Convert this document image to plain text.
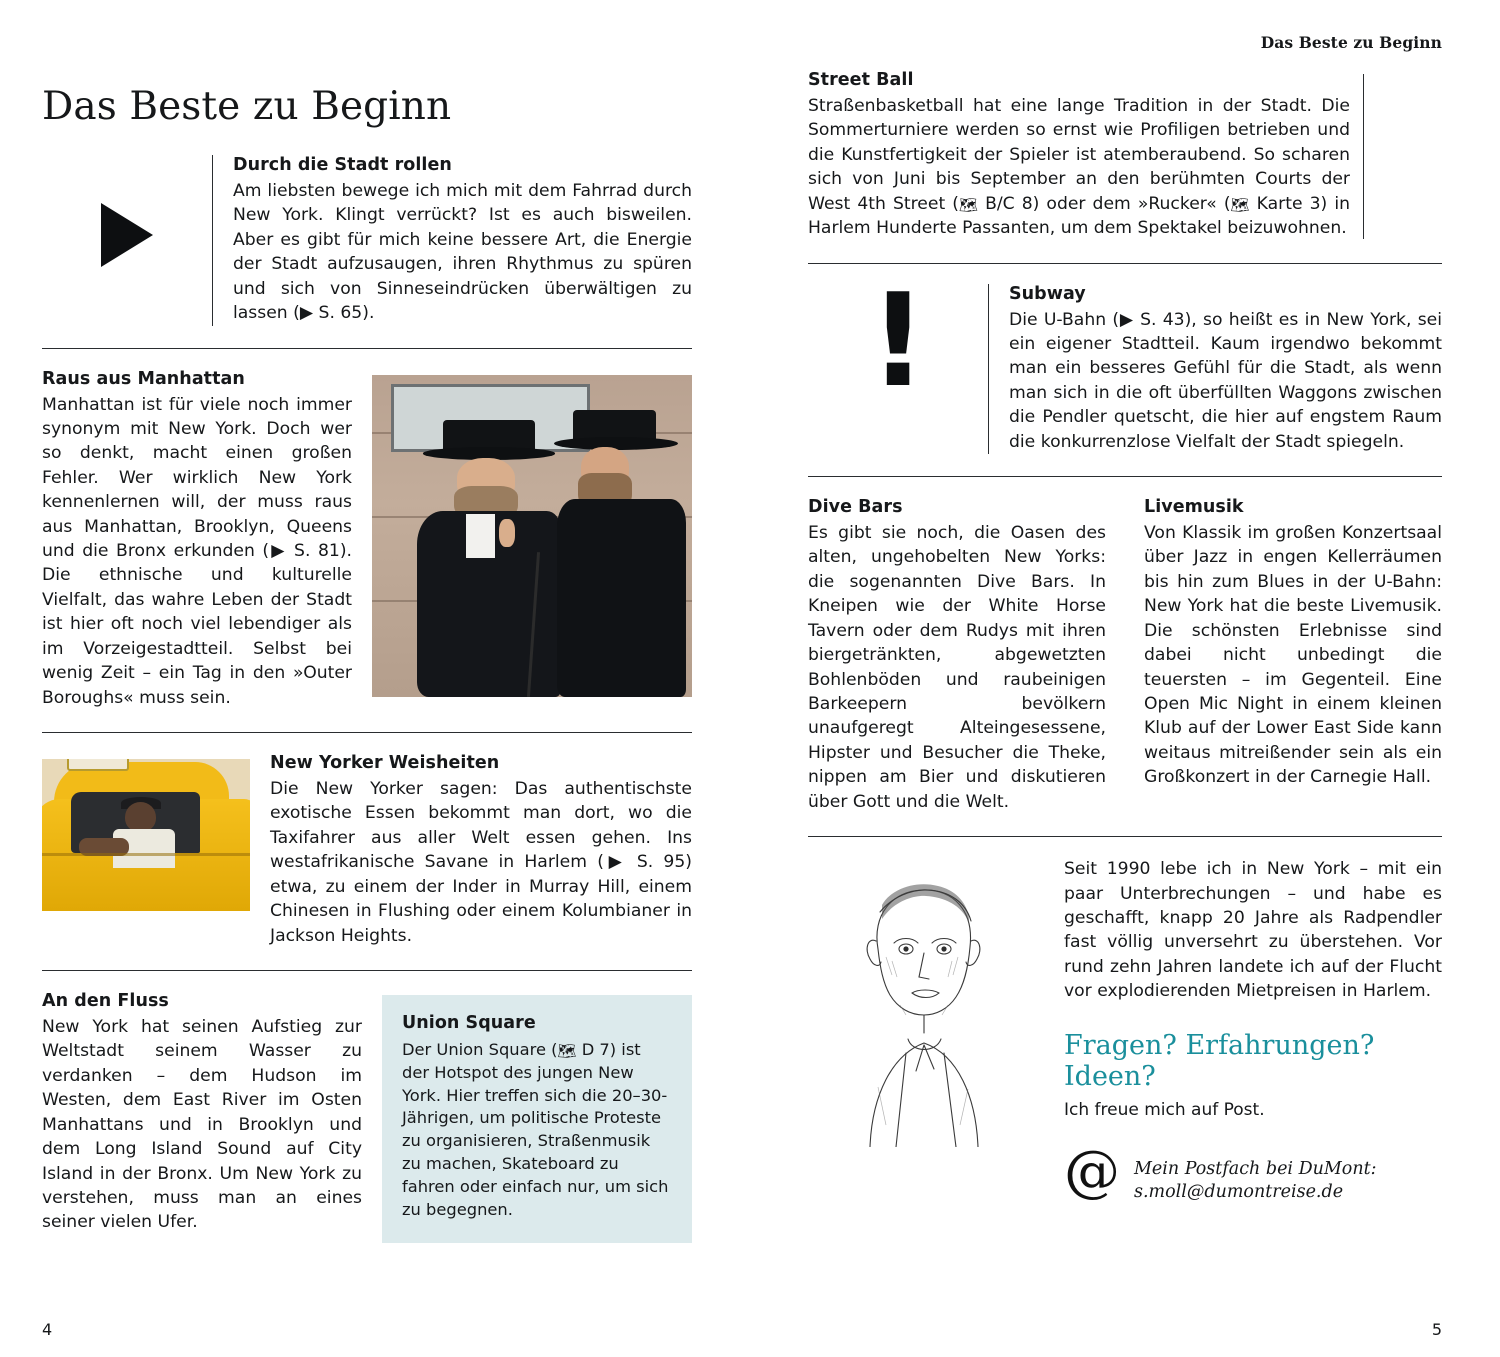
Das Beste zu Beginn
Durch die Stadt rollen

Am liebsten bewege ich mich mit dem Fahrrad durch New York. Klingt verrückt? Ist es auch bisweilen. Aber es gibt für mich keine bessere Art, die Energie der Stadt aufzusaugen, ihren Rhythmus zu spüren und sich von Sinneseindrücken überwältigen zu lassen (▶ S. 65).

Raus aus Manhattan

Manhattan ist für viele noch immer synonym mit New York. Doch wer so denkt, macht einen großen Fehler. Wer wirklich New York kennenlernen will, der muss raus aus Manhattan, Brooklyn, Queens und die Bronx erkunden (▶ S. 81). Die ethnische und kulturelle Vielfalt, das wahre Leben der Stadt ist hier oft noch viel lebendiger als im Vorzeigestadtteil. Selbst bei wenig Zeit – ein Tag in den »Outer Boroughs« muss sein.

New Yorker Weisheiten

Die New Yorker sagen: Das authentischste exotische Essen bekommt man dort, wo die Taxifahrer aus aller Welt essen gehen. Ins westafrikanische Savane in Harlem (▶ S. 95) etwa, zu einem der Inder in Murray Hill, einem Chinesen in Flushing oder einem Kolumbianer in Jackson Heights.

Union Square

Der Union Square (🗺 D 7) ist der Hotspot des jungen New York. Hier treffen sich die 20–30-Jährigen, um politische Proteste zu organisieren, Straßenmusik zu machen, Skateboard zu fahren oder einfach nur, um sich zu begegnen.

An den Fluss

New York hat seinen Aufstieg zur Weltstadt seinem Wasser zu verdanken – dem Hudson im Westen, dem East River im Osten Manhattans und in Brooklyn und dem Long Island Sound auf City Island in der Bronx. Um New York zu verstehen, muss man an eines seiner vielen Ufer.

4
Das Beste zu Beginn
Street Ball

Straßenbasketball hat eine lange Tradition in der Stadt. Die Sommerturniere werden so ernst wie Profiligen betrieben und die Kunstfertigkeit der Spieler ist atemberaubend. So scharen sich von Juni bis September an den berühmten Courts der West 4th Street (🗺 B/C 8) oder dem »Rucker« (🗺 Karte 3) in Harlem Hunderte Passanten, um dem Spektakel beizuwohnen.

!	Subway

Die U-Bahn (▶ S. 43), so heißt es in New York, sei ein eigener Stadtteil. Kaum irgendwo bekommt man ein besseres Gefühl für die Stadt, als wenn man sich in die oft überfüllten Waggons zwischen die Pendler quetscht, die hier auf engstem Raum die konkurrenzlose Vielfalt der Stadt spiegeln.

Dive Bars

Es gibt sie noch, die Oasen des alten, ungehobelten New Yorks: die sogenannten Dive Bars. In Kneipen wie der White Horse Tavern oder dem Rudys mit ihren biergetränkten, abgewetzten Bohlenböden und raubeinigen Barkeepern bevölkern unaufgeregt Alteingesessene, Hipster und Besucher die Theke, nippen am Bier und diskutieren über Gott und die Welt.

Livemusik

Von Klassik im großen Konzertsaal über Jazz in engen Kellerräumen bis hin zum Blues in der U-Bahn: New York hat die beste Livemusik. Die schönsten Erlebnisse sind dabei nicht unbedingt die teuersten – im Gegenteil. Eine Open Mic Night in einem kleinen Klub auf der Lower East Side kann weitaus mitreißender sein als ein Großkonzert in der Carnegie Hall.

Seit 1990 lebe ich in New York – mit ein paar Unterbrechungen – und habe es geschafft, knapp 20 Jahre als Radpendler fast völlig unversehrt zu überstehen. Vor rund zehn Jahren landete ich auf der Flucht vor explodierenden Mietpreisen in Harlem.

Fragen? Erfahrungen? Ideen?

Ich freue mich auf Post.

@ Mein Postfach bei DuMont:
s.moll@dumontreise.de
5
